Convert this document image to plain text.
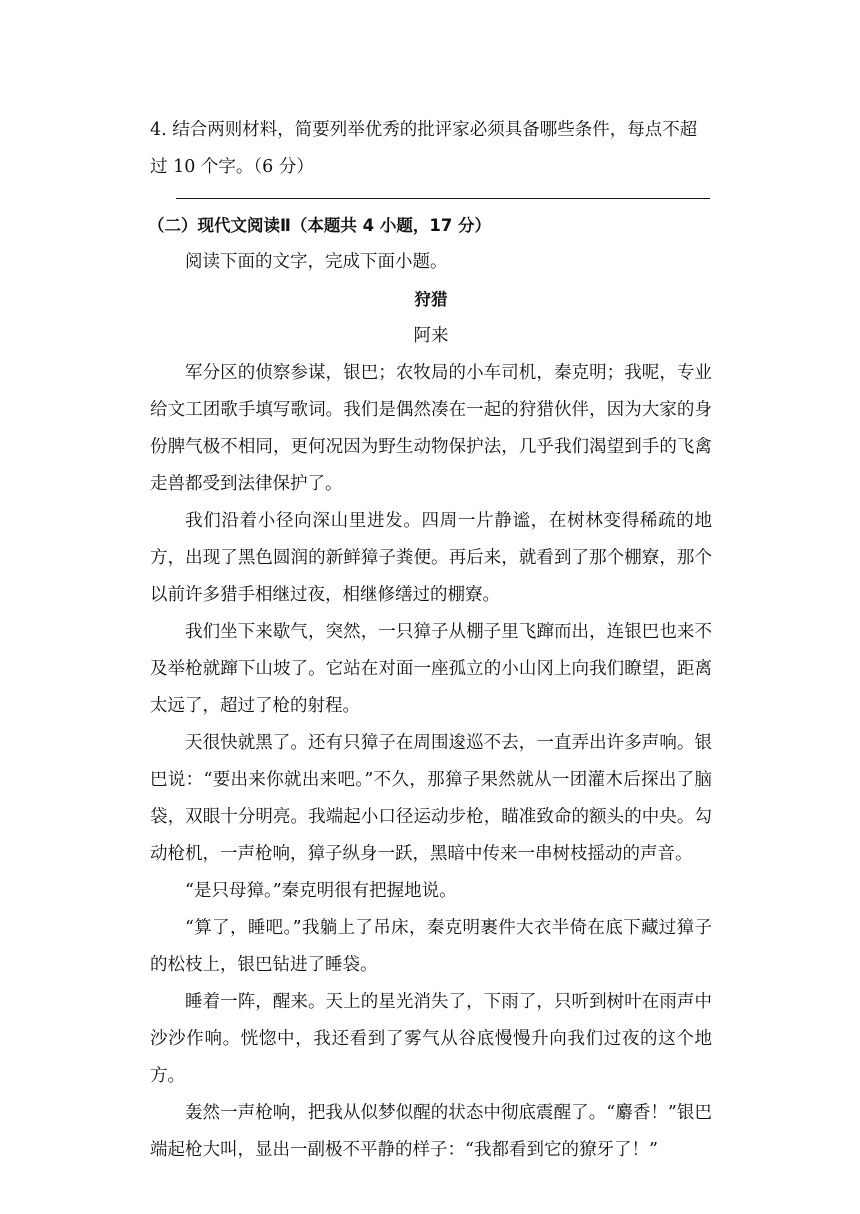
4. 结合两则材料，简要列举优秀的批评家必须具备哪些条件，每点不超过 10 个字。（6 分）

（二）现代文阅读Ⅱ（本题共 4 小题，17 分）

阅读下面的文字，完成下面小题。

狩猎

阿来

军分区的侦察参谋，银巴；农牧局的小车司机，秦克明；我呢，专业给文工团歌手填写歌词。我们是偶然凑在一起的狩猎伙伴，因为大家的身份脾气极不相同，更何况因为野生动物保护法，几乎我们渴望到手的飞禽走兽都受到法律保护了。

我们沿着小径向深山里进发。四周一片静谧，在树林变得稀疏的地方，出现了黑色圆润的新鲜獐子粪便。再后来，就看到了那个棚寮，那个以前许多猎手相继过夜，相继修缮过的棚寮。

我们坐下来歇气，突然，一只獐子从棚子里飞蹿而出，连银巴也来不及举枪就蹿下山坡了。它站在对面一座孤立的小山冈上向我们瞭望，距离太远了，超过了枪的射程。

天很快就黑了。还有只獐子在周围逡巡不去，一直弄出许多声响。银巴说：“要出来你就出来吧。”不久，那獐子果然就从一团灌木后探出了脑袋，双眼十分明亮。我端起小口径运动步枪，瞄准致命的额头的中央。勾动枪机，一声枪响，獐子纵身一跃，黑暗中传来一串树枝摇动的声音。

“是只母獐。”秦克明很有把握地说。

“算了，睡吧。”我躺上了吊床，秦克明裹件大衣半倚在底下藏过獐子的松枝上，银巴钻进了睡袋。

睡着一阵，醒来。天上的星光消失了，下雨了，只听到树叶在雨声中沙沙作响。恍惚中，我还看到了雾气从谷底慢慢升向我们过夜的这个地方。

轰然一声枪响，把我从似梦似醒的状态中彻底震醒了。“麝香！”银巴端起枪大叫，显出一副极不平静的样子：“我都看到它的獠牙了！”
